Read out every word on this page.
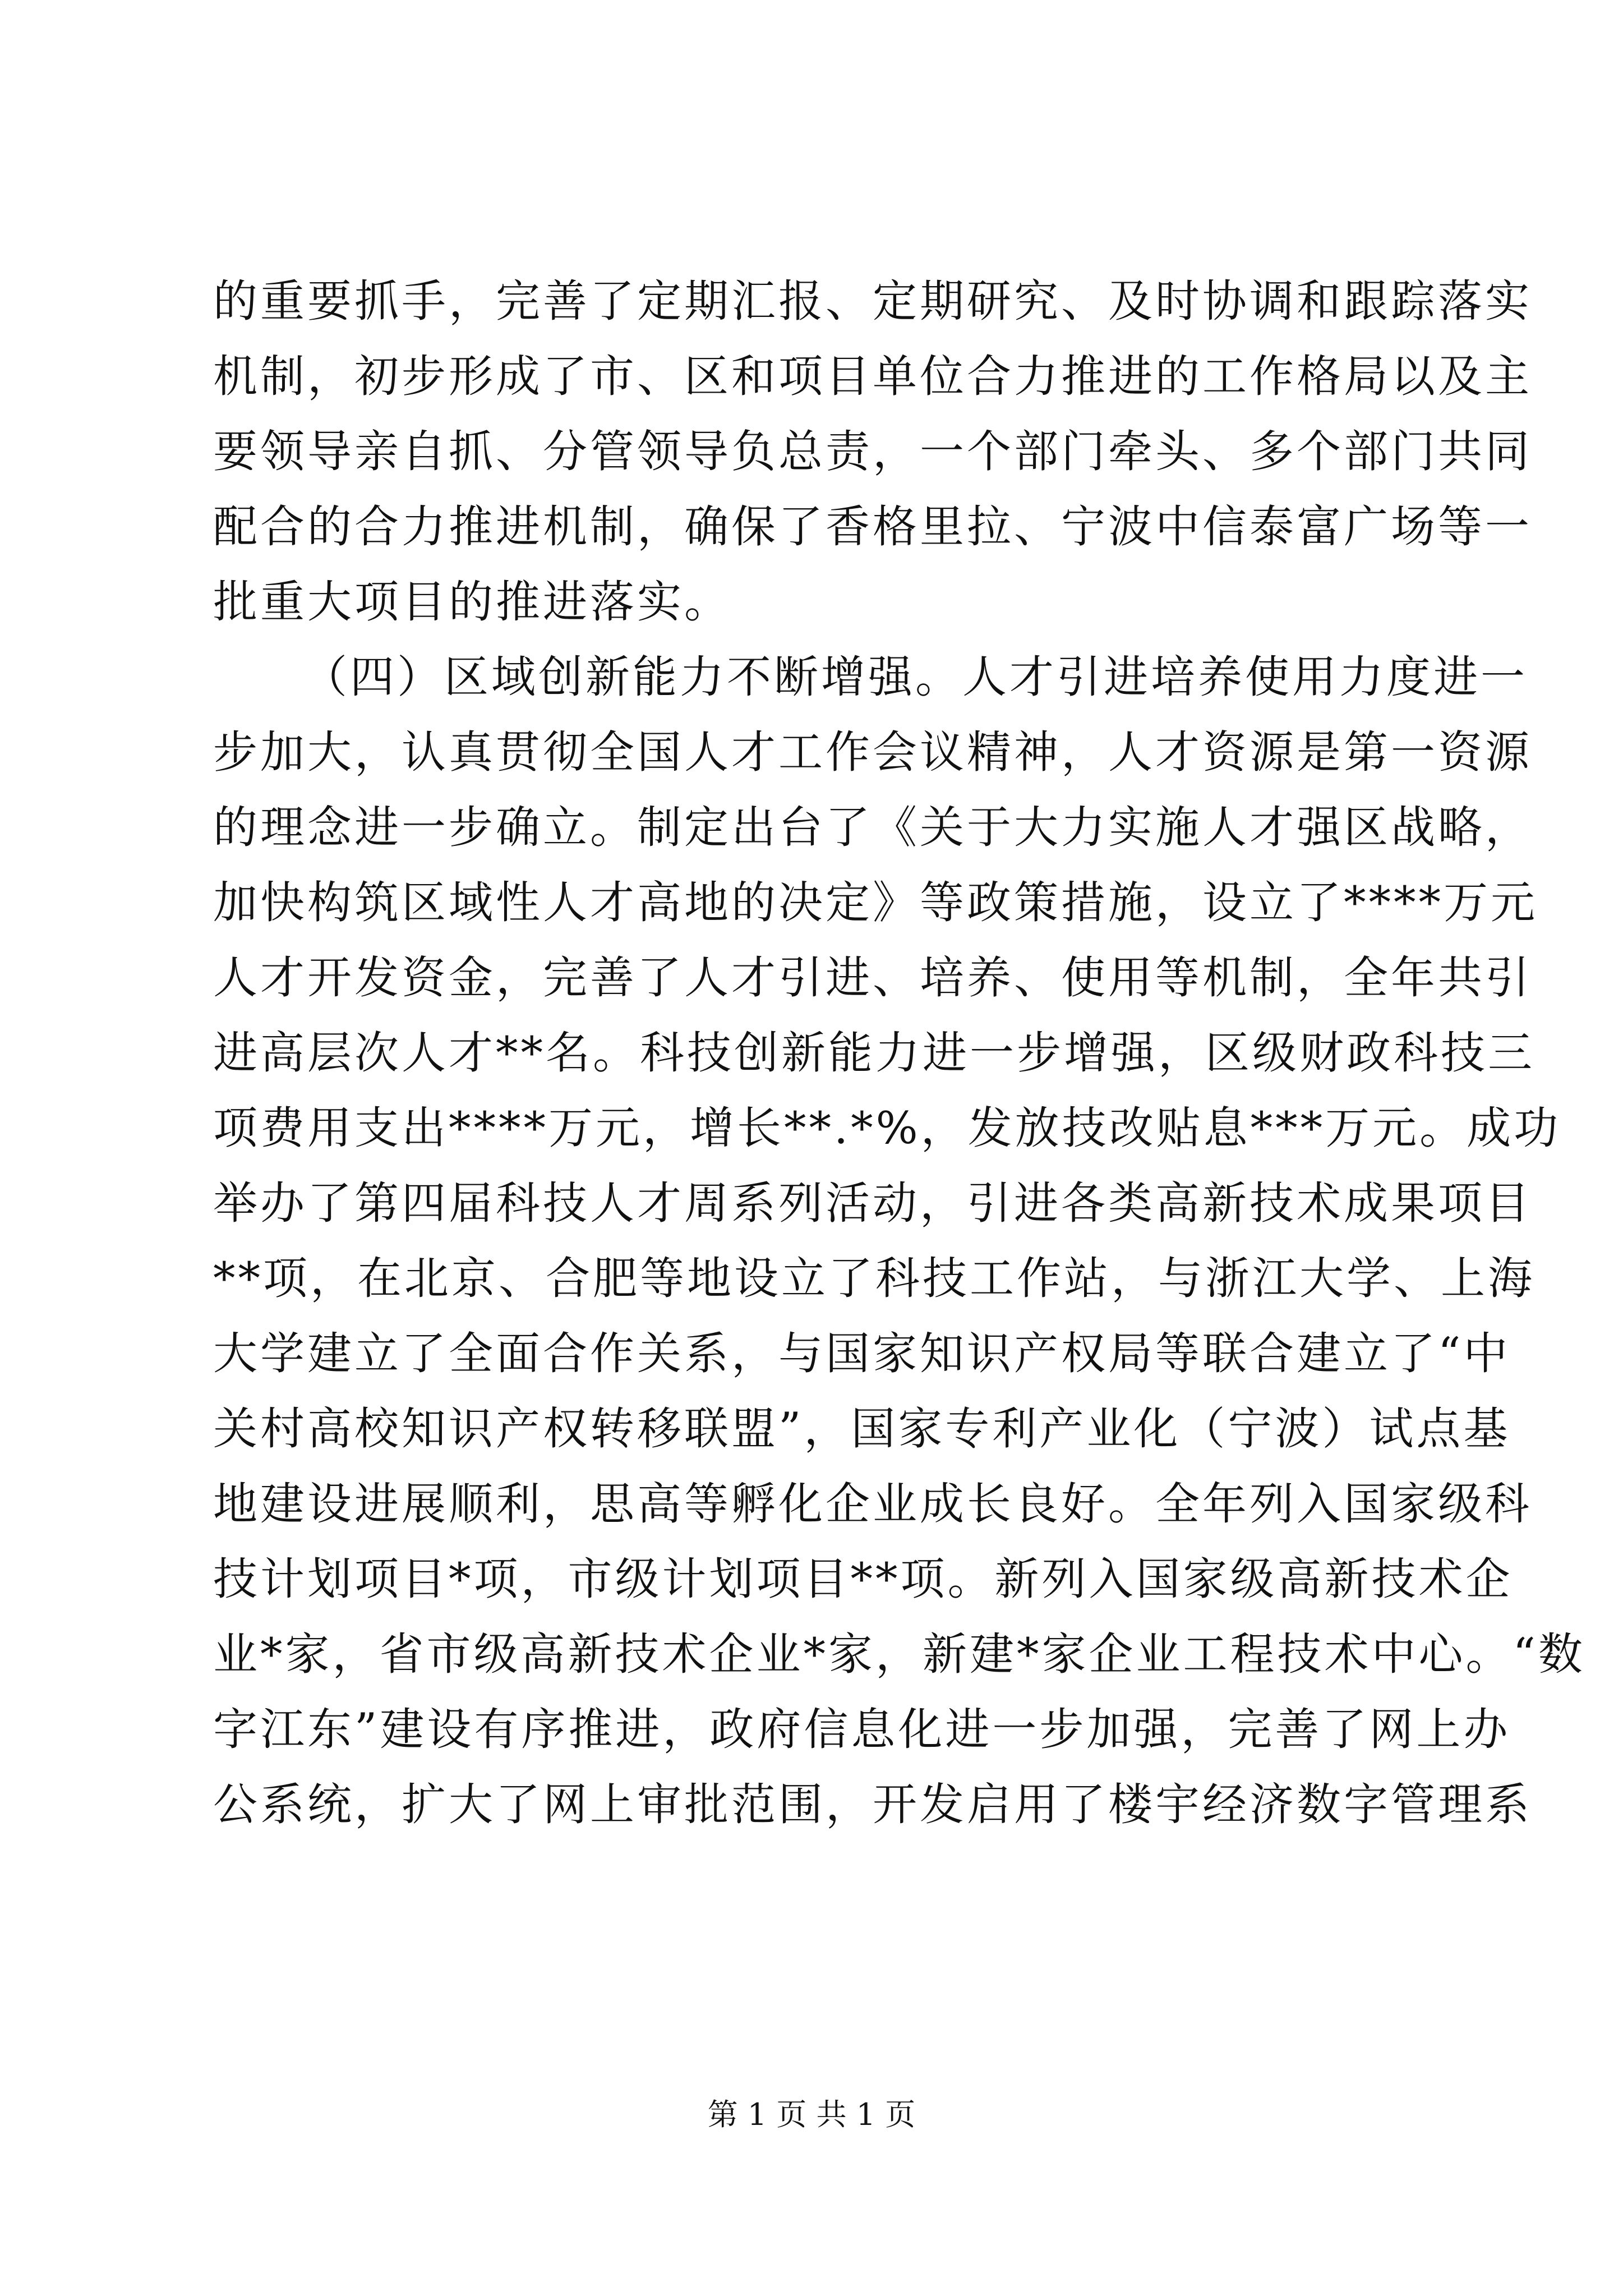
的重要抓手，完善了定期汇报、定期研究、及时协调和跟踪落实
机制，初步形成了市、区和项目单位合力推进的工作格局以及主
要领导亲自抓、分管领导负总责，一个部门牵头、多个部门共同
配合的合力推进机制，确保了香格里拉、宁波中信泰富广场等一
批重大项目的推进落实。
（四）区域创新能力不断增强。人才引进培养使用力度进一
步加大，认真贯彻全国人才工作会议精神，人才资源是第一资源
的理念进一步确立。制定出台了《关于大力实施人才强区战略，
加快构筑区域性人才高地的决定》等政策措施，设立了****万元
人才开发资金，完善了人才引进、培养、使用等机制，全年共引
进高层次人才**名。科技创新能力进一步增强，区级财政科技三
项费用支出****万元，增长**.*%，发放技改贴息***万元。成功
举办了第四届科技人才周系列活动，引进各类高新技术成果项目
**项，在北京、合肥等地设立了科技工作站，与浙江大学、上海
大学建立了全面合作关系，与国家知识产权局等联合建立了“中
关村高校知识产权转移联盟”，国家专利产业化（宁波）试点基
地建设进展顺利，思高等孵化企业成长良好。全年列入国家级科
技计划项目*项，市级计划项目**项。新列入国家级高新技术企
业*家，省市级高新技术企业*家，新建*家企业工程技术中心。“数
字江东”建设有序推进，政府信息化进一步加强，完善了网上办
公系统，扩大了网上审批范围，开发启用了楼宇经济数字管理系
第 1 页 共 1 页
